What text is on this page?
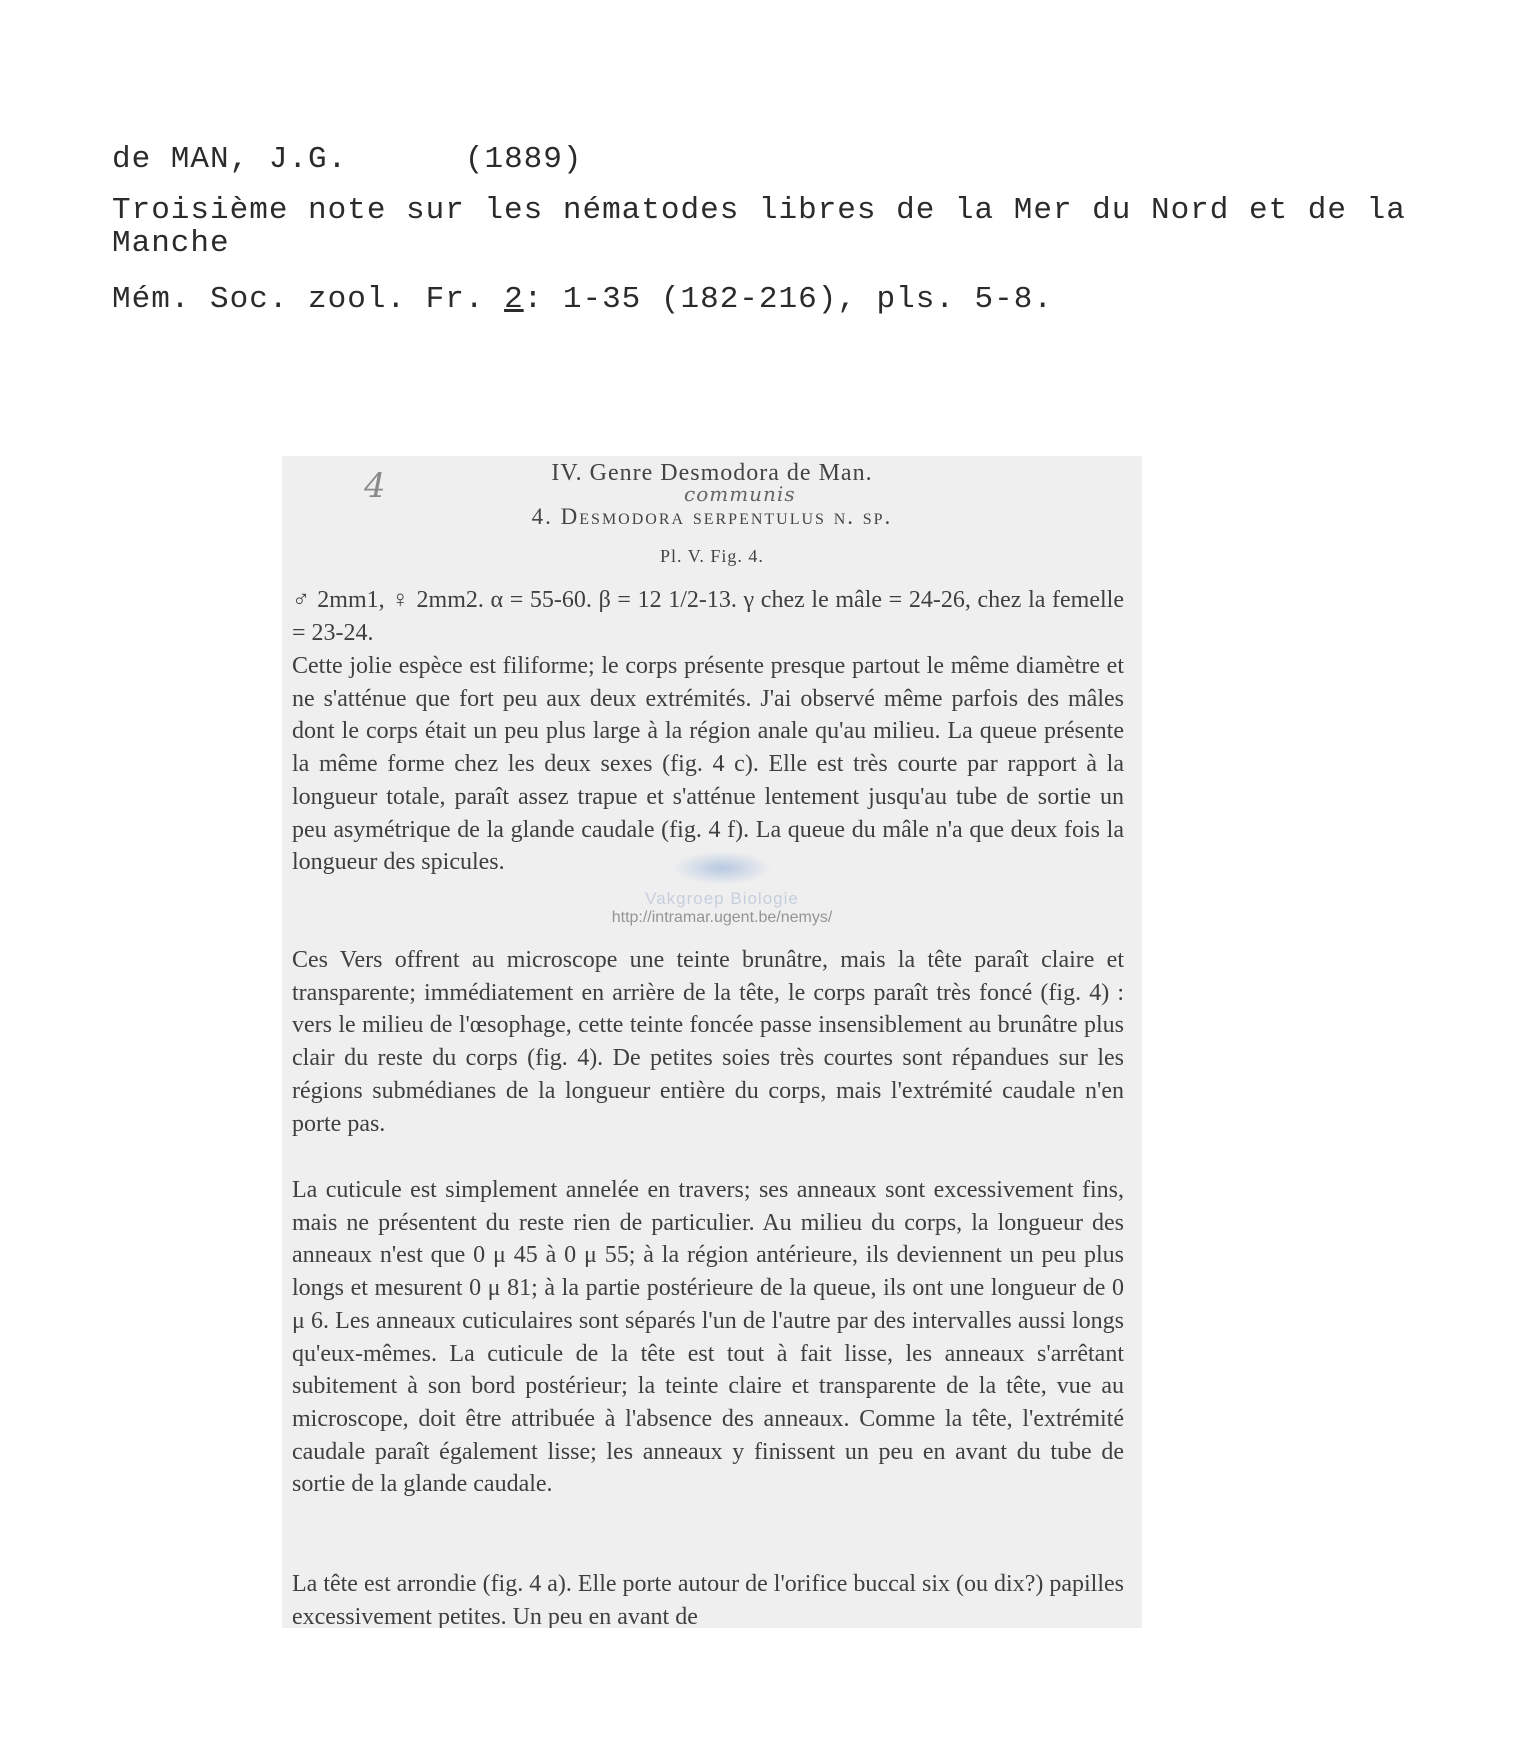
de MAN, J.G.	(1889)
Troisième note sur les nématodes libres de la Mer du Nord et de la
Manche
Mém. Soc. zool. Fr. 2: 1-35 (182-216), pls. 5-8.
4	communis
IV. Genre Desmodora de Man.
4. Desmodora serpentulus n. sp.
Pl. V. Fig. 4.
Vakgroep Biologie
http://intramar.ugent.be/nemys/

♂ 2mm1, ♀ 2mm2. α = 55-60. β = 12 1/2-13. γ chez le mâle = 24-26, chez la femelle = 23-24.

Cette jolie espèce est filiforme; le corps présente presque partout le même diamètre et ne s'atténue que fort peu aux deux extrémités. J'ai observé même parfois des mâles dont le corps était un peu plus large à la région anale qu'au milieu. La queue présente la même forme chez les deux sexes (fig. 4 c). Elle est très courte par rapport à la longueur totale, paraît assez trapue et s'atténue lentement jusqu'au tube de sortie un peu asymétrique de la glande caudale (fig. 4 f). La queue du mâle n'a que deux fois la longueur des spicules.

Ces Vers offrent au microscope une teinte brunâtre, mais la tête paraît claire et transparente; immédiatement en arrière de la tête, le corps paraît très foncé (fig. 4) : vers le milieu de l'œsophage, cette teinte foncée passe insensiblement au brunâtre plus clair du reste du corps (fig. 4). De petites soies très courtes sont répandues sur les régions submédianes de la longueur entière du corps, mais l'extrémité caudale n'en porte pas.

La cuticule est simplement annelée en travers; ses anneaux sont excessivement fins, mais ne présentent du reste rien de particulier. Au milieu du corps, la longueur des anneaux n'est que 0 μ 45 à 0 μ 55; à la région antérieure, ils deviennent un peu plus longs et mesurent 0 μ 81; à la partie postérieure de la queue, ils ont une longueur de 0 μ 6. Les anneaux cuticulaires sont séparés l'un de l'autre par des intervalles aussi longs qu'eux-mêmes. La cuticule de la tête est tout à fait lisse, les anneaux s'arrêtant subitement à son bord postérieur; la teinte claire et transparente de la tête, vue au microscope, doit être attribuée à l'absence des anneaux. Comme la tête, l'extrémité caudale paraît également lisse; les anneaux y finissent un peu en avant du tube de sortie de la glande caudale.

La tête est arrondie (fig. 4 a). Elle porte autour de l'orifice buccal six (ou dix?) papilles excessivement petites. Un peu en avant de
